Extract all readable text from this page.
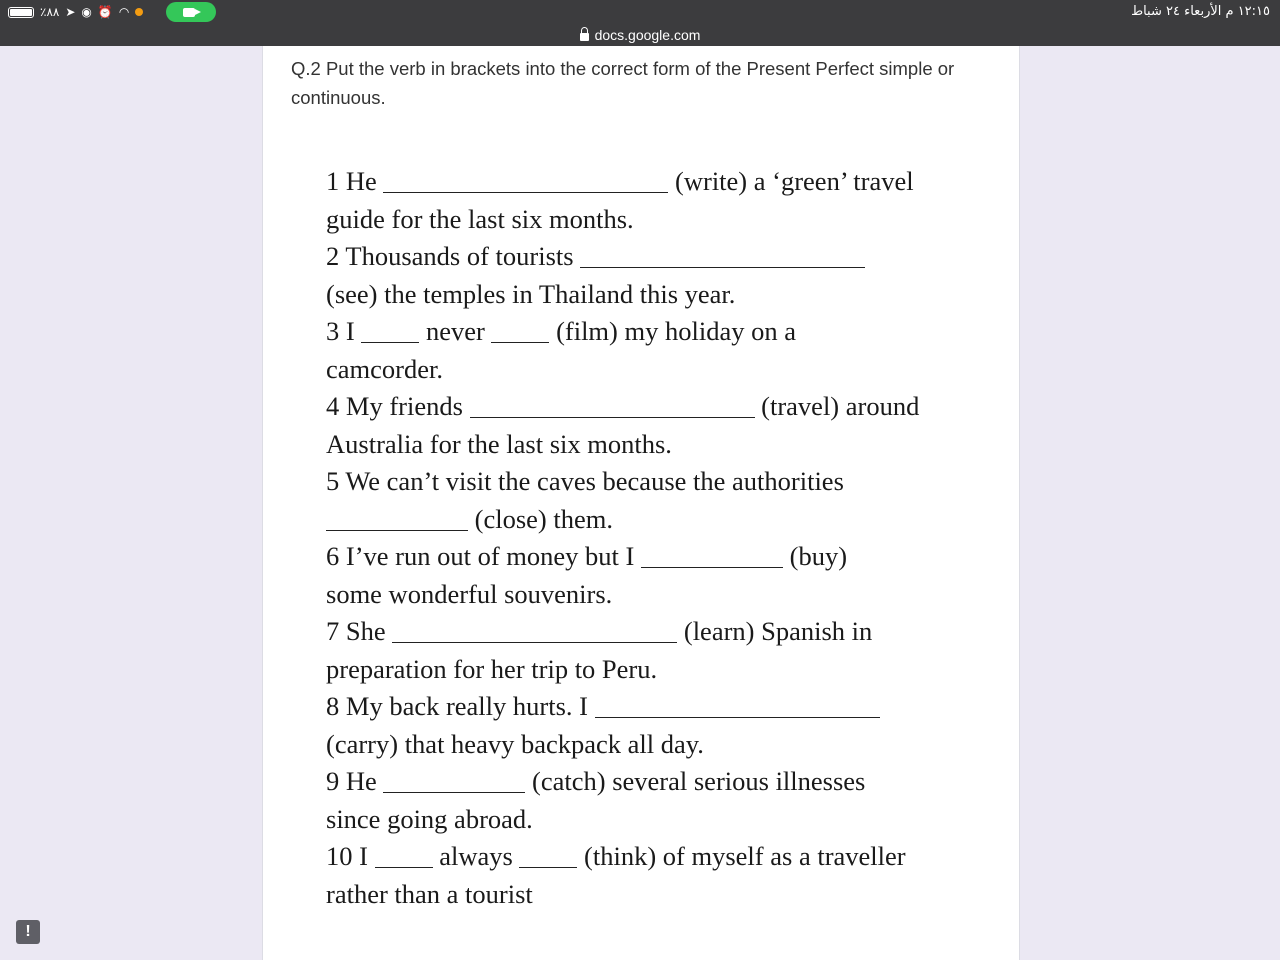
٪٨٨ ➤ ◉ ⏰ ◠	١٢:١٥ م الأربعاء ٢٤ شباط
docs.google.com
Q.2 Put the verb in brackets into the correct form of the Present Perfect simple or continuous.
1 He	(write) a ‘green’ travel
guide for the last six months.
2 Thousands of tourists
(see) the temples in Thailand this year.
3 I  never  (film) my holiday on a
camcorder.
4 My friends	(travel) around
Australia for the last six months.
5 We can’t visit the caves because the authorities
(close) them.
6 I’ve run out of money but I	(buy)
some wonderful souvenirs.
7 She	(learn) Spanish in
preparation for her trip to Peru.
8 My back really hurts. I
(carry) that heavy backpack all day.
9 He	(catch) several serious illnesses
since going abroad.
10 I  always  (think) of myself as a traveller
rather than a tourist
!
